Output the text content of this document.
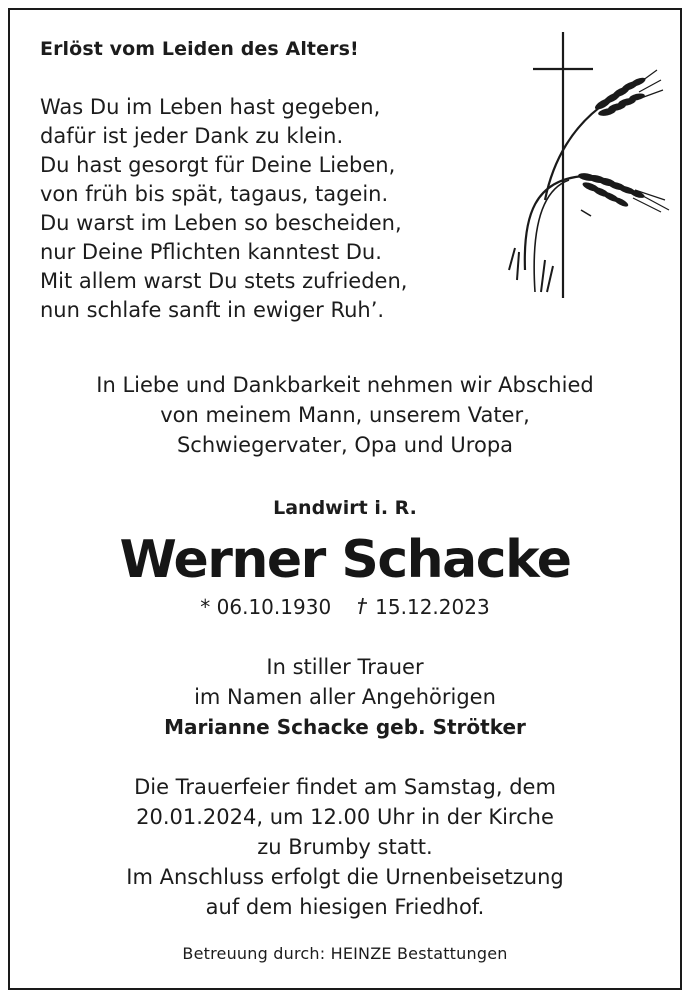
Erlöst vom Leiden des Alters!
Was Du im Leben hast gegeben,
dafür ist jeder Dank zu klein.
Du hast gesorgt für Deine Lieben,
von früh bis spät, tagaus, tagein.
Du warst im Leben so bescheiden,
nur Deine Pflichten kanntest Du.
Mit allem warst Du stets zufrieden,
nun schlafe sanft in ewiger Ruh’.
In Liebe und Dankbarkeit nehmen wir Abschied
von meinem Mann, unserem Vater,
Schwiegervater, Opa und Uropa
Landwirt i. R.
Werner Schacke
* 06.10.1930 15.12.2023
In stiller Trauer
im Namen aller Angehörigen
Marianne Schacke geb. Strötker
Die Trauerfeier findet am Samstag, dem
20.01.2024, um 12.00 Uhr in der Kirche
zu Brumby statt.
Im Anschluss erfolgt die Urnenbeisetzung
auf dem hiesigen Friedhof.
Betreuung durch: HEINZE Bestattungen
